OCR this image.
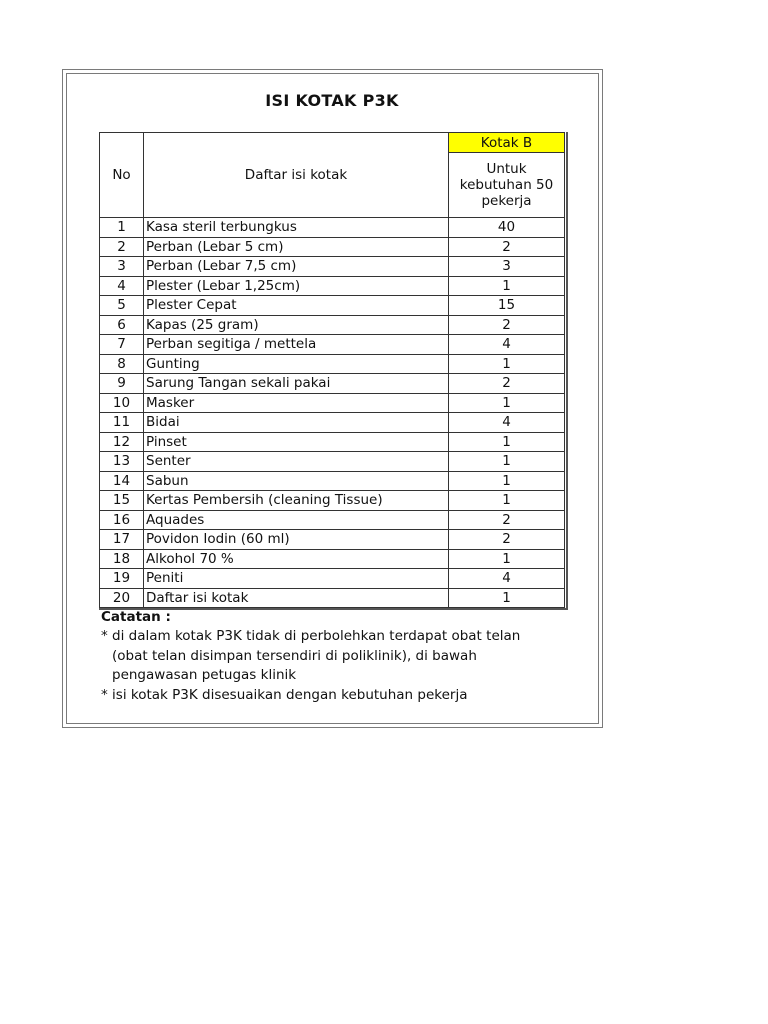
ISI KOTAK P3K
No	Daftar isi kotak	Kotak B
		Untuk kebutuhan 50 pekerja
1	Kasa steril terbungkus	40
2	Perban (Lebar 5 cm)	2
3	Perban (Lebar 7,5 cm)	3
4	Plester (Lebar 1,25cm)	1
5	Plester Cepat	15
6	Kapas (25 gram)	2
7	Perban segitiga / mettela	4
8	Gunting	1
9	Sarung Tangan sekali pakai	2
10	Masker	1
11	Bidai	4
12	Pinset	1
13	Senter	1
14	Sabun	1
15	Kertas Pembersih (cleaning Tissue)	1
16	Aquades	2
17	Povidon Iodin (60 ml)	2
18	Alkohol 70 %	1
19	Peniti	4
20	Daftar isi kotak	1
Catatan :
* di dalam kotak P3K tidak di perbolehkan terdapat obat telan
(obat telan disimpan tersendiri di poliklinik), di bawah
pengawasan petugas klinik
* isi kotak P3K disesuaikan dengan kebutuhan pekerja
